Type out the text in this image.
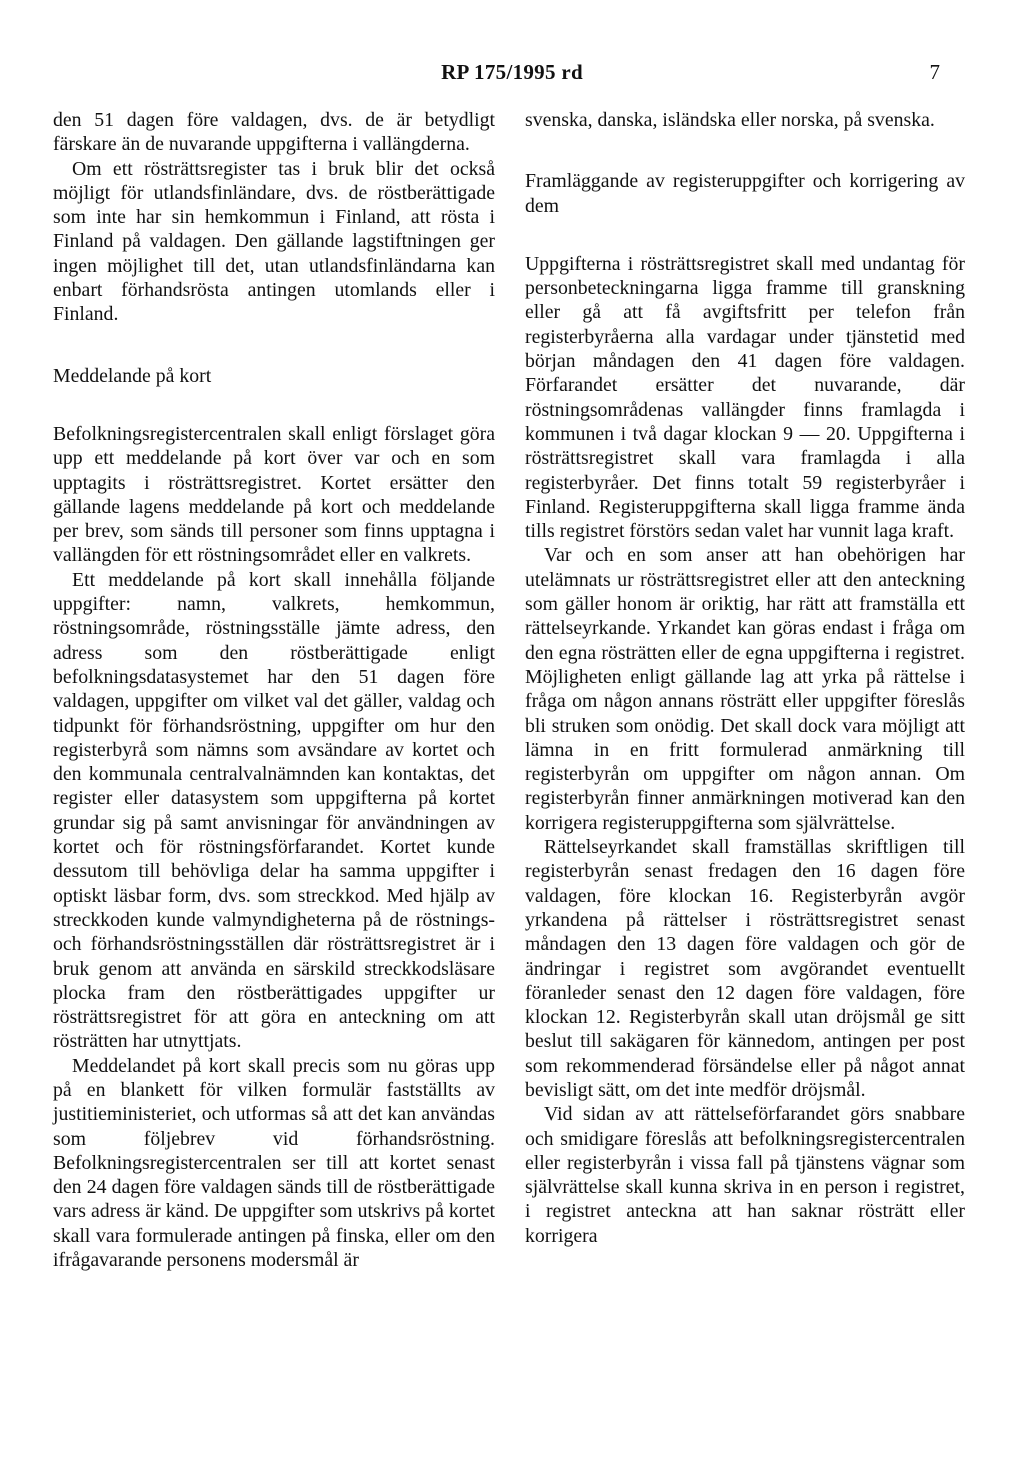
RP 175/1995 rd	7

den 51 dagen före valdagen, dvs. de är betydligt färskare än de nuvarande uppgifterna i vallängderna.

Om ett rösträttsregister tas i bruk blir det också möjligt för utlandsfinländare, dvs. de röstberättigade som inte har sin hemkommun i Finland, att rösta i Finland på valdagen. Den gällande lagstiftningen ger ingen möjlighet till det, utan utlandsfinländarna kan enbart förhandsrösta antingen utomlands eller i Finland.

Meddelande på kort

Befolkningsregistercentralen skall enligt förslaget göra upp ett meddelande på kort över var och en som upptagits i rösträttsregistret. Kortet ersätter den gällande lagens meddelande på kort och meddelande per brev, som sänds till personer som finns upptagna i vallängden för ett röstningsområdet eller en valkrets.

Ett meddelande på kort skall innehålla följande uppgifter: namn, valkrets, hemkommun, röstningsområde, röstningsställe jämte adress, den adress som den röstberättigade enligt befolkningsdatasystemet har den 51 dagen före valdagen, uppgifter om vilket val det gäller, valdag och tidpunkt för förhandsröstning, uppgifter om hur den registerbyrå som nämns som avsändare av kortet och den kommunala centralvalnämnden kan kontaktas, det register eller datasystem som uppgifterna på kortet grundar sig på samt anvisningar för användningen av kortet och för röstningsförfarandet. Kortet kunde dessutom till behövliga delar ha samma uppgifter i optiskt läsbar form, dvs. som streckkod. Med hjälp av streckkoden kunde valmyndigheterna på de röstnings- och förhandsröstningsställen där rösträttsregistret är i bruk genom att använda en särskild streckkodsläsare plocka fram den röstberättigades uppgifter ur rösträttsregistret för att göra en anteckning om att rösträtten har utnyttjats.

Meddelandet på kort skall precis som nu göras upp på en blankett för vilken formulär fastställts av justitieministeriet, och utformas så att det kan användas som följebrev vid förhandsröstning. Befolkningsregistercentralen ser till att kortet senast den 24 dagen före valdagen sänds till de röstberättigade vars adress är känd. De uppgifter som utskrivs på kortet skall vara formulerade antingen på finska, eller om den ifrågavarande personens modersmål är

svenska, danska, isländska eller norska, på svenska.

Framläggande av registeruppgifter och korrigering av dem

Uppgifterna i rösträttsregistret skall med undantag för personbeteckningarna ligga framme till granskning eller gå att få avgiftsfritt per telefon från registerbyråerna alla vardagar under tjänstetid med början måndagen den 41 dagen före valdagen. Förfarandet ersätter det nuvarande, där röstningsområdenas vallängder finns framlagda i kommunen i två dagar klockan 9 — 20. Uppgifterna i rösträttsregistret skall vara framlagda i alla registerbyråer. Det finns totalt 59 registerbyråer i Finland. Registeruppgifterna skall ligga framme ända tills registret förstörs sedan valet har vunnit laga kraft.

Var och en som anser att han obehörigen har utelämnats ur rösträttsregistret eller att den anteckning som gäller honom är oriktig, har rätt att framställa ett rättelseyrkande. Yrkandet kan göras endast i fråga om den egna rösträtten eller de egna uppgifterna i registret. Möjligheten enligt gällande lag att yrka på rättelse i fråga om någon annans rösträtt eller uppgifter föreslås bli struken som onödig. Det skall dock vara möjligt att lämna in en fritt formulerad anmärkning till registerbyrån om uppgifter om någon annan. Om registerbyrån finner anmärkningen motiverad kan den korrigera registeruppgifterna som självrättelse.

Rättelseyrkandet skall framställas skriftligen till registerbyrån senast fredagen den 16 dagen före valdagen, före klockan 16. Registerbyrån avgör yrkandena på rättelser i rösträttsregistret senast måndagen den 13 dagen före valdagen och gör de ändringar i registret som avgörandet eventuellt föranleder senast den 12 dagen före valdagen, före klockan 12. Registerbyrån skall utan dröjsmål ge sitt beslut till sakägaren för kännedom, antingen per post som rekommenderad försändelse eller på något annat bevisligt sätt, om det inte medför dröjsmål.

Vid sidan av att rättelseförfarandet görs snabbare och smidigare föreslås att befolkningsregistercentralen eller registerbyrån i vissa fall på tjänstens vägnar som självrättelse skall kunna skriva in en person i registret, i registret anteckna att han saknar rösträtt eller korrigera
